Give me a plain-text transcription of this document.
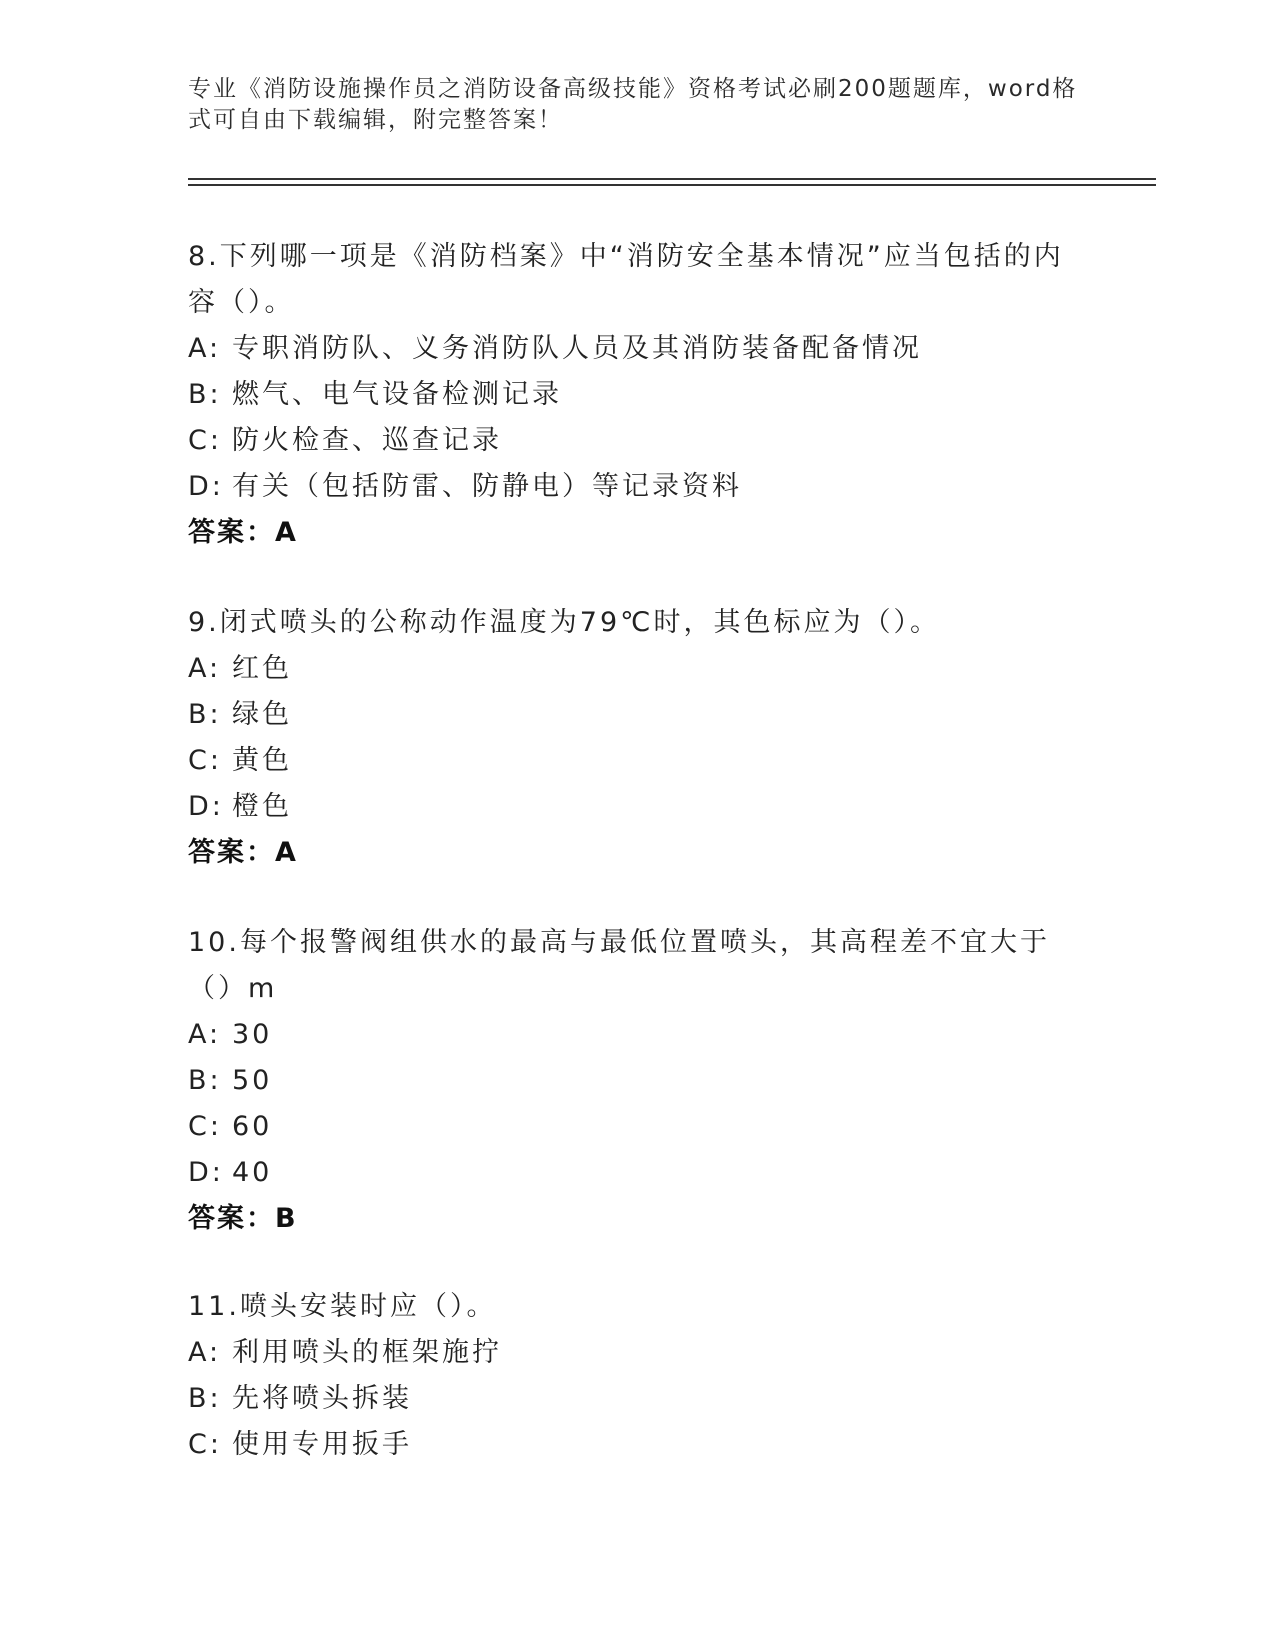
专业《消防设施操作员之消防设备高级技能》资格考试必刷200题题库，word格式可自由下载编辑，附完整答案！

8.下列哪一项是《消防档案》中“消防安全基本情况”应当包括的内容（）。

A: 专职消防队、义务消防队人员及其消防装备配备情况

B: 燃气、电气设备检测记录

C: 防火检查、巡查记录

D: 有关（包括防雷、防静电）等记录资料

答案：A

9.闭式喷头的公称动作温度为79℃时，其色标应为（）。

A: 红色

B: 绿色

C: 黄色

D: 橙色

答案：A

10.每个报警阀组供水的最高与最低位置喷头，其高程差不宜大于（）m

A: 30

B: 50

C: 60

D: 40

答案：B

11.喷头安装时应（）。

A: 利用喷头的框架施拧

B: 先将喷头拆装

C: 使用专用扳手
